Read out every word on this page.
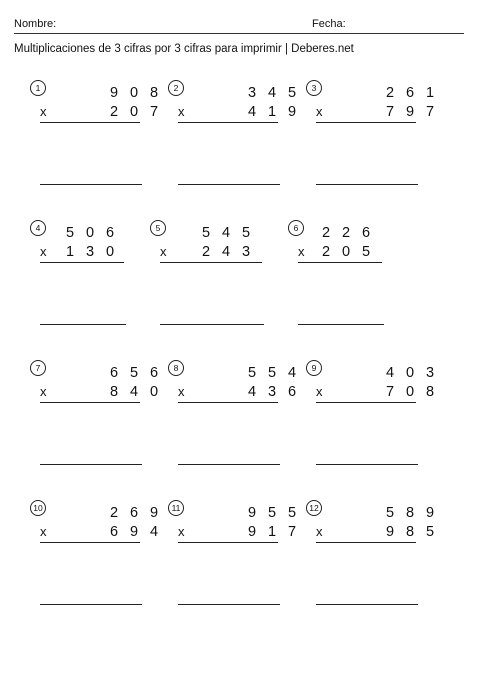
Nombre:	Fecha:
Multiplicaciones de 3 cifras por 3 cifras para imprimir | Deberes.net
1	9 0 8
x	2 0 7
2	3 4 5
x	4 1 9
3	2 6 1
x	7 9 7
4	5 0 6
x	1 3 0
5	5 4 5
x	2 4 3
6	2 2 6
x	2 0 5
7	6 5 6
x	8 4 0
8	5 5 4
x	4 3 6
9	4 0 3
x	7 0 8
10	2 6 9
x	6 9 4
11	9 5 5
x	9 1 7
12	5 8 9
x	9 8 5
